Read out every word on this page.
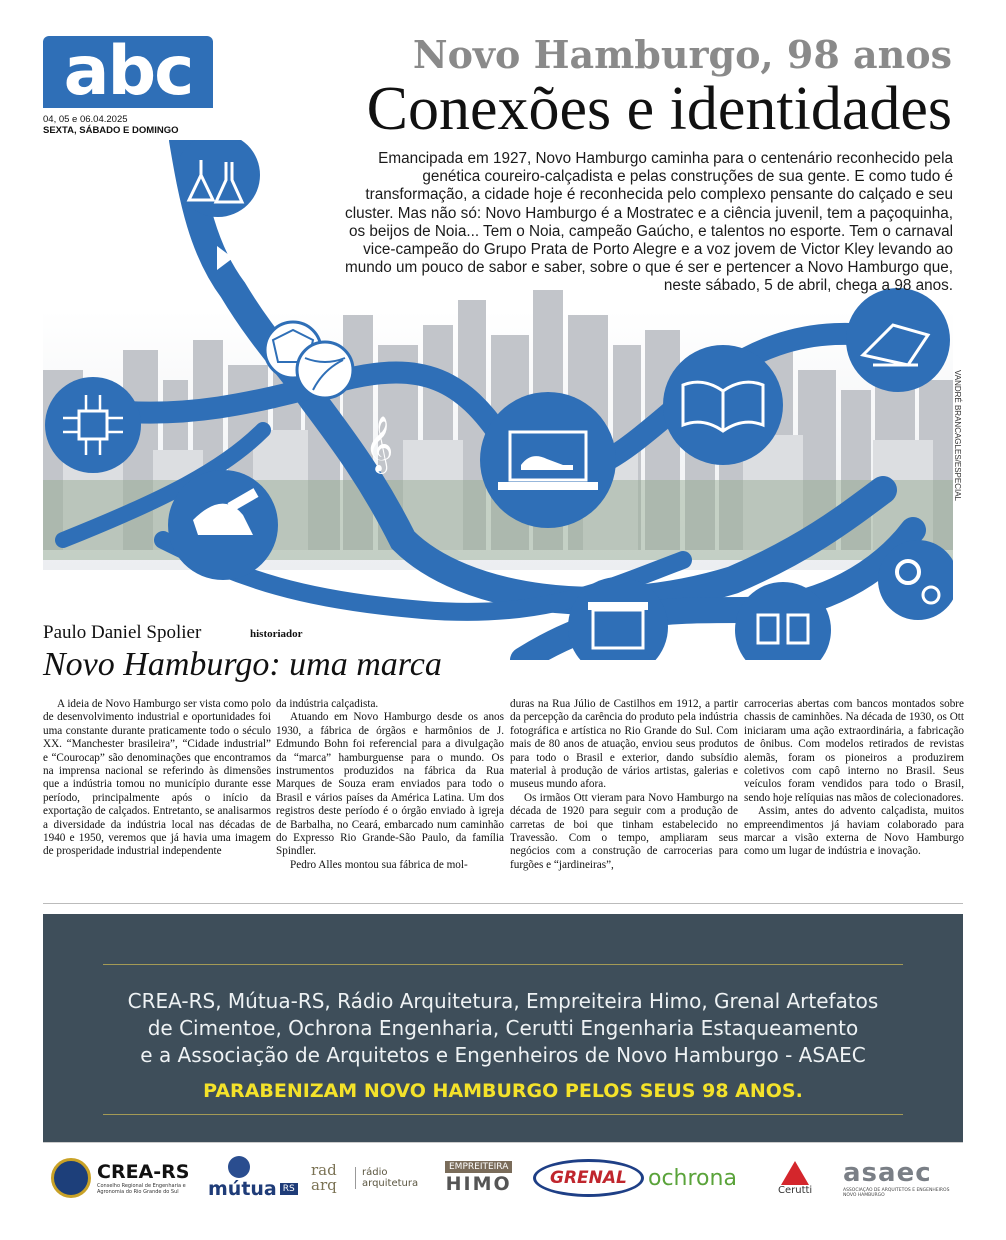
abc
04, 05 e 06.04.2025
SEXTA, SÁBADO E DOMINGO
Novo Hamburgo, 98 anos
Conexões e identidades
𝄞
Emancipada em 1927, Novo Hamburgo caminha para o centenário reconhecido pela genética coureiro-calçadista e pelas construções de sua gente. E como tudo é transformação, a cidade hoje é reconhecida pelo complexo pensante do calçado e seu cluster. Mas não só: Novo Hamburgo é a Mostratec e a ciência juvenil, tem a paçoquinha, os beijos de Noia... Tem o Noia, campeão Gaúcho, e talentos no esporte. Tem o carnaval vice-campeão do Grupo Prata de Porto Alegre e a voz jovem de Victor Kley levando ao mundo um pouco de sabor e saber, sobre o que é ser e pertencer a Novo Hamburgo que, neste sábado, 5 de abril, chega a 98 anos.
VANDRÉ BRANCAGLES/ESPECIAL
Paulo Daniel Spolier	historiador
Novo Hamburgo: uma marca

A ideia de Novo Hamburgo ser vista como polo de desenvolvimento industrial e oportunidades foi uma constante durante praticamente todo o século XX. “Manchester brasileira”, “Cidade industrial” e “Courocap” são denominações que encontramos na imprensa nacional se referindo às dimensões que a indústria tomou no município durante esse período, principalmente após o início da exportação de calçados. Entretanto, se analisarmos a diversidade da indústria local nas décadas de 1940 e 1950, veremos que já havia uma imagem de prosperidade industrial independente

da indústria calçadista.

Atuando em Novo Hamburgo desde os anos 1930, a fábrica de órgãos e harmônios de J. Edmundo Bohn foi referencial para a divulgação da “marca” hamburguense para o mundo. Os instrumentos produzidos na fábrica da Rua Marques de Souza eram enviados para todo o Brasil e vários países da América Latina. Um dos registros deste período é o órgão enviado à igreja de Barbalha, no Ceará, embarcado num caminhão do Expresso Rio Grande-São Paulo, da família Spindler.

Pedro Alles montou sua fábrica de mol-

duras na Rua Júlio de Castilhos em 1912, a partir da percepção da carência do produto pela indústria fotográfica e artística no Rio Grande do Sul. Com mais de 80 anos de atuação, enviou seus produtos para todo o Brasil e exterior, dando subsídio material à produção de vários artistas, galerias e museus mundo afora.

Os irmãos Ott vieram para Novo Hamburgo na década de 1920 para seguir com a produção de carretas de boi que tinham estabelecido no Travessão. Com o tempo, ampliaram seus negócios com a construção de carrocerias para furgões e “jardineiras”,

carrocerias abertas com bancos montados sobre chassis de caminhões. Na década de 1930, os Ott iniciaram uma ação extraordinária, a fabricação de ônibus. Com modelos retirados de revistas alemãs, foram os pioneiros a produzirem coletivos com capô interno no Brasil. Seus veículos foram vendidos para todo o Brasil, sendo hoje relíquias nas mãos de colecionadores.

Assim, antes do advento calçadista, muitos empreendimentos já haviam colaborado para marcar a visão externa de Novo Hamburgo como um lugar de indústria e inovação.

CREA-RS, Mútua-RS, Rádio Arquitetura, Empreiteira Himo, Grenal Artefatos
de Cimentoe, Ochrona Engenharia, Cerutti Engenharia Estaqueamento
e a Associação de Arquitetos e Engenheiros de Novo Hamburgo - ASAEC
PARABENIZAM NOVO HAMBURGO PELOS SEUS 98 ANOS.
CREA-RS
Conselho Regional de Engenharia e Agronomia do Rio Grande do Sul	mútua RS
rad arq
rádio arquitetura
EMPREITEIRA
HIMO	GRENAL ochrona	Cerutti
asaec
ASSOCIAÇÃO DE ARQUITETOS E ENGENHEIROS NOVO HAMBURGO
